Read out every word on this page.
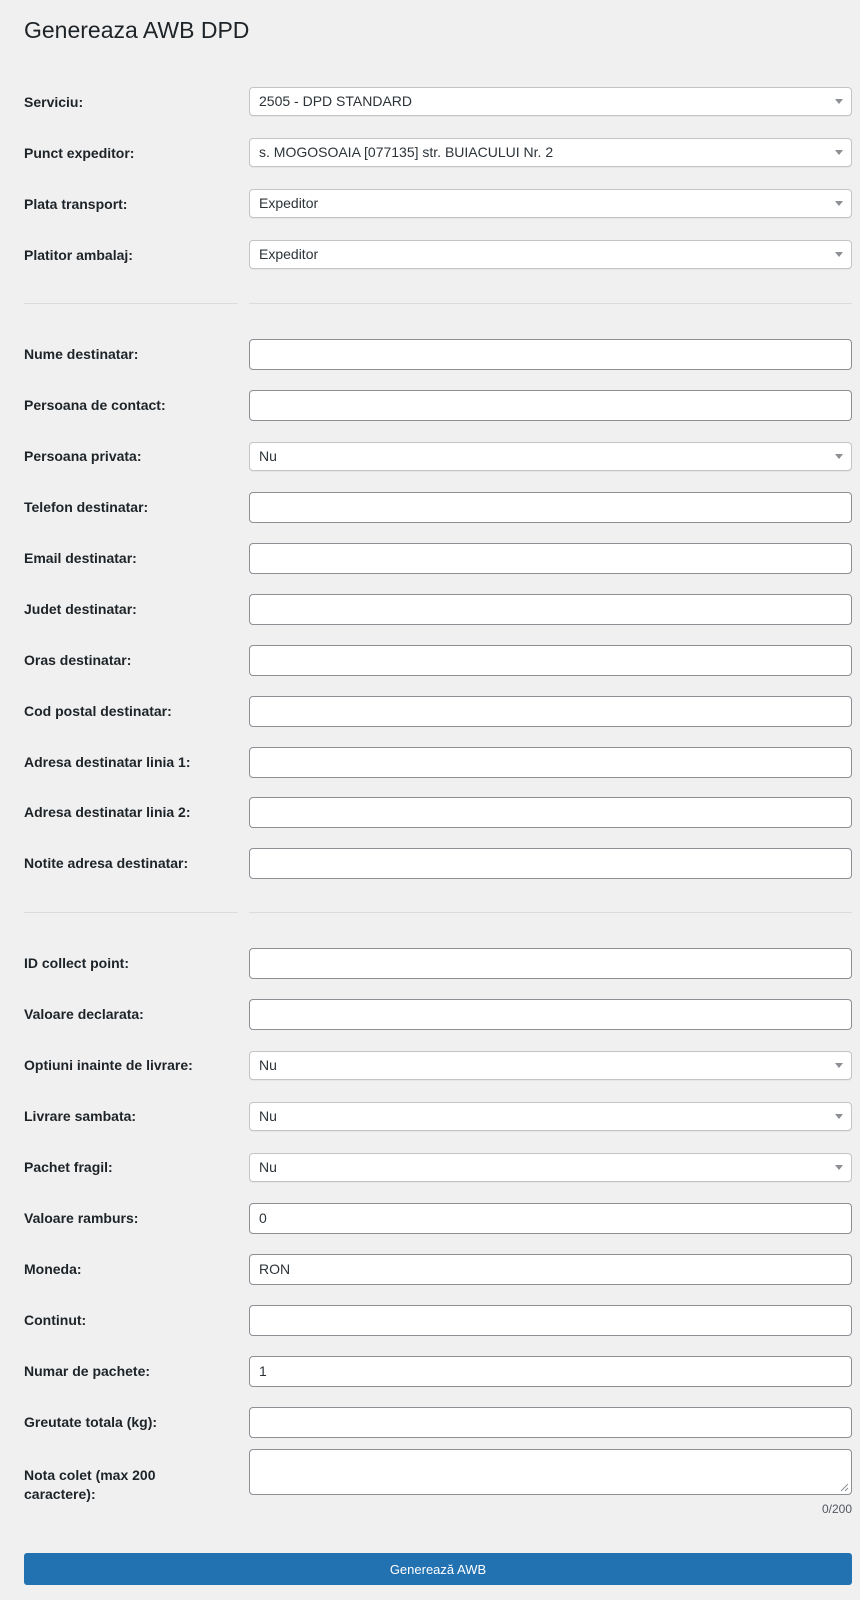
Genereaza AWB DPD
Serviciu:	2505 - DPD STANDARD
Punct expeditor:	s. MOGOSOAIA [077135] str. BUIACULUI Nr. 2
Plata transport:	Expeditor
Platitor ambalaj:	Expeditor
Nume destinatar:
Persoana de contact:
Persoana privata:	Nu
Telefon destinatar:
Email destinatar:
Judet destinatar:
Oras destinatar:
Cod postal destinatar:
Adresa destinatar linia 1:
Adresa destinatar linia 2:
Notite adresa destinatar:
ID collect point:
Valoare declarata:
Optiuni inainte de livrare:	Nu
Livrare sambata:	Nu
Pachet fragil:	Nu
Valoare ramburs:	0
Moneda:	RON
Continut:
Numar de pachete:	1
Greutate totala (kg):
Nota colet (max 200 caractere):
0/200
Generează AWB
